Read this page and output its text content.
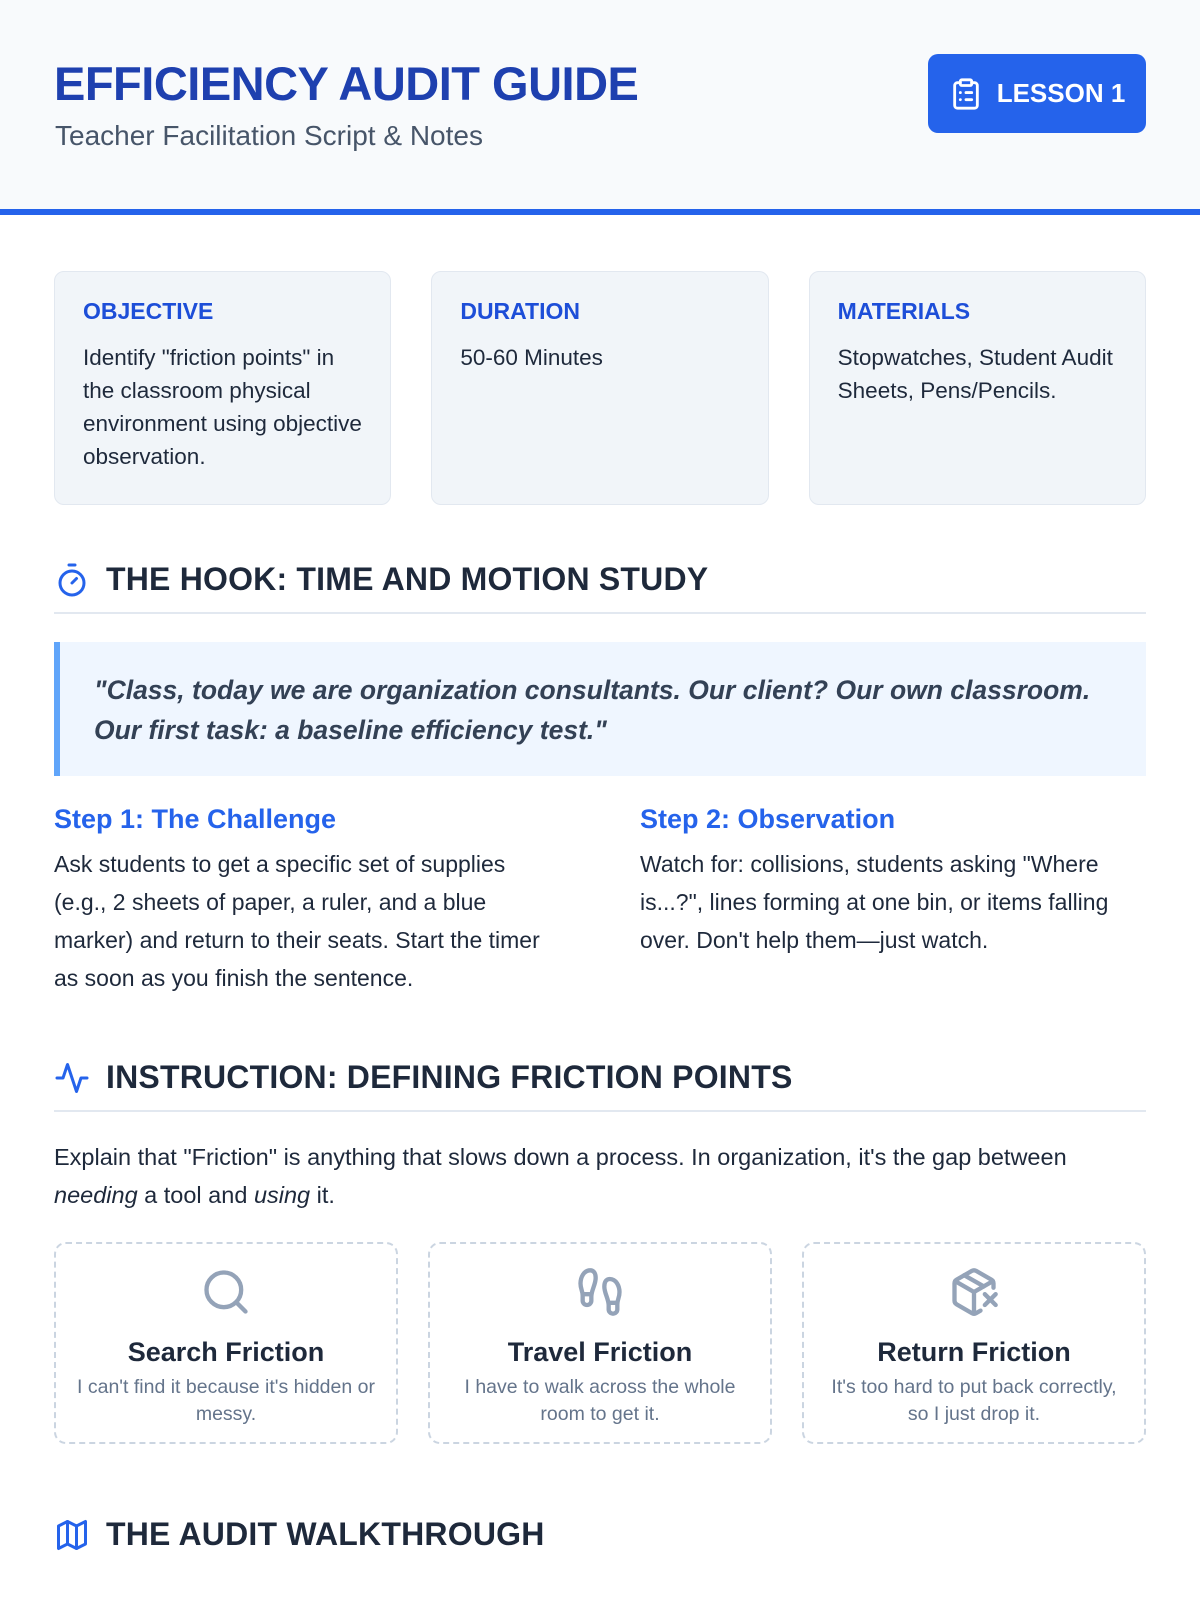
EFFICIENCY AUDIT GUIDE
Teacher Facilitation Script & Notes
LESSON 1
OBJECTIVE
Identify "friction points" in the classroom physical environment using objective observation.
DURATION
50-60 Minutes
MATERIALS
Stopwatches, Student Audit Sheets, Pens/Pencils.
THE HOOK: TIME AND MOTION STUDY
"Class, today we are organization consultants. Our client? Our own classroom. Our first task: a baseline efficiency test."
Step 1: The Challenge
Ask students to get a specific set of supplies (e.g., 2 sheets of paper, a ruler, and a blue marker) and return to their seats. Start the timer as soon as you finish the sentence.
Step 2: Observation
Watch for: collisions, students asking "Where is...?", lines forming at one bin, or items falling over. Don't help them—just watch.
INSTRUCTION: DEFINING FRICTION POINTS
Explain that "Friction" is anything that slows down a process. In organization, it's the gap between needing a tool and using it.
Search Friction
I can't find it because it's hidden or messy.
Travel Friction
I have to walk across the whole room to get it.
Return Friction
It's too hard to put back correctly, so I just drop it.
THE AUDIT WALKTHROUGH
